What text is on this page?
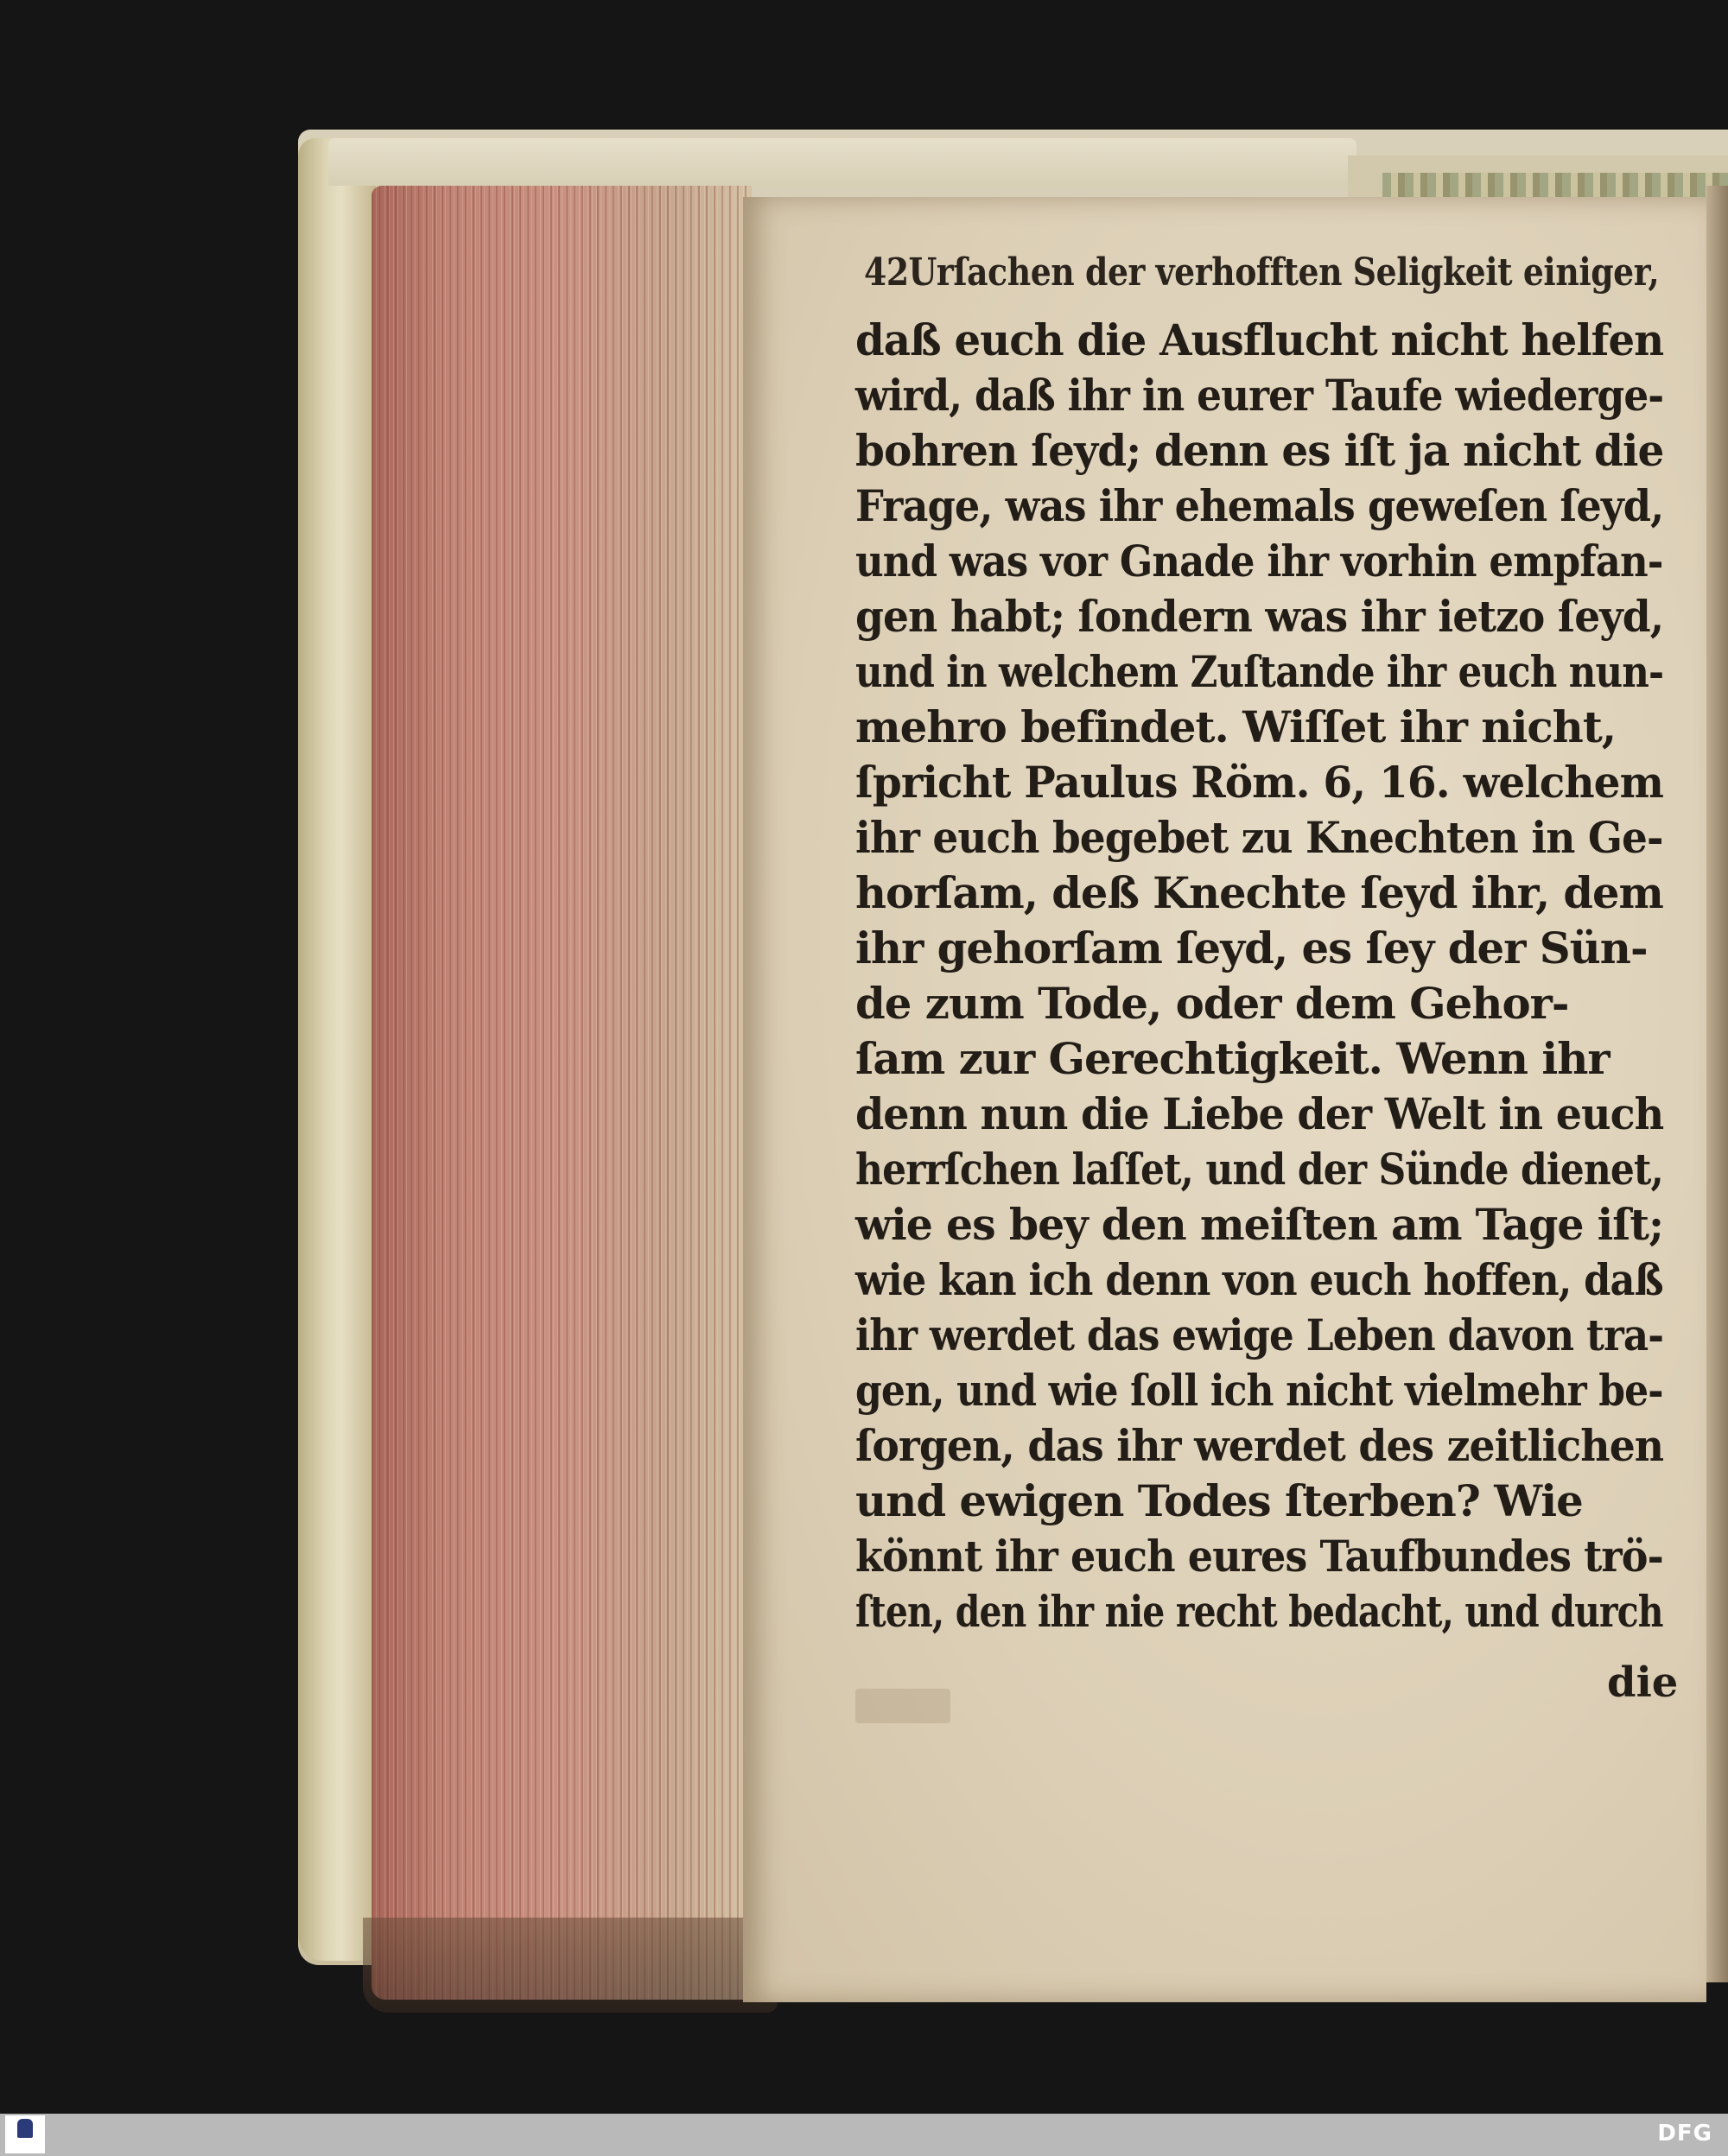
42Urſachen der verhofften Seligkeit einiger,
daß euch die Ausflucht nicht helfen
wird, daß ihr in eurer Taufe wiederge-
bohren ſeyd; denn es iſt ja nicht die
Frage, was ihr ehemals geweſen ſeyd,
und was vor Gnade ihr vorhin empfan-
gen habt; ſondern was ihr ietzo ſeyd,
und in welchem Zuſtande ihr euch nun-
mehro befindet. Wiſſet ihr nicht,
ſpricht Paulus Röm. 6, 16. welchem
ihr euch begebet zu Knechten in Ge-
horſam, deß Knechte ſeyd ihr, dem
ihr gehorſam ſeyd, es ſey der Sün-
de zum Tode, oder dem Gehor-
ſam zur Gerechtigkeit. Wenn ihr
denn nun die Liebe der Welt in euch
herrſchen laſſet, und der Sünde dienet,
wie es bey den meiſten am Tage iſt;
wie kan ich denn von euch hoffen, daß
ihr werdet das ewige Leben davon tra-
gen, und wie ſoll ich nicht vielmehr be-
ſorgen, das ihr werdet des zeitlichen
und ewigen Todes ſterben? Wie
könnt ihr euch eures Taufbundes trö-
ſten, den ihr nie recht bedacht, und durch
die
DFG
